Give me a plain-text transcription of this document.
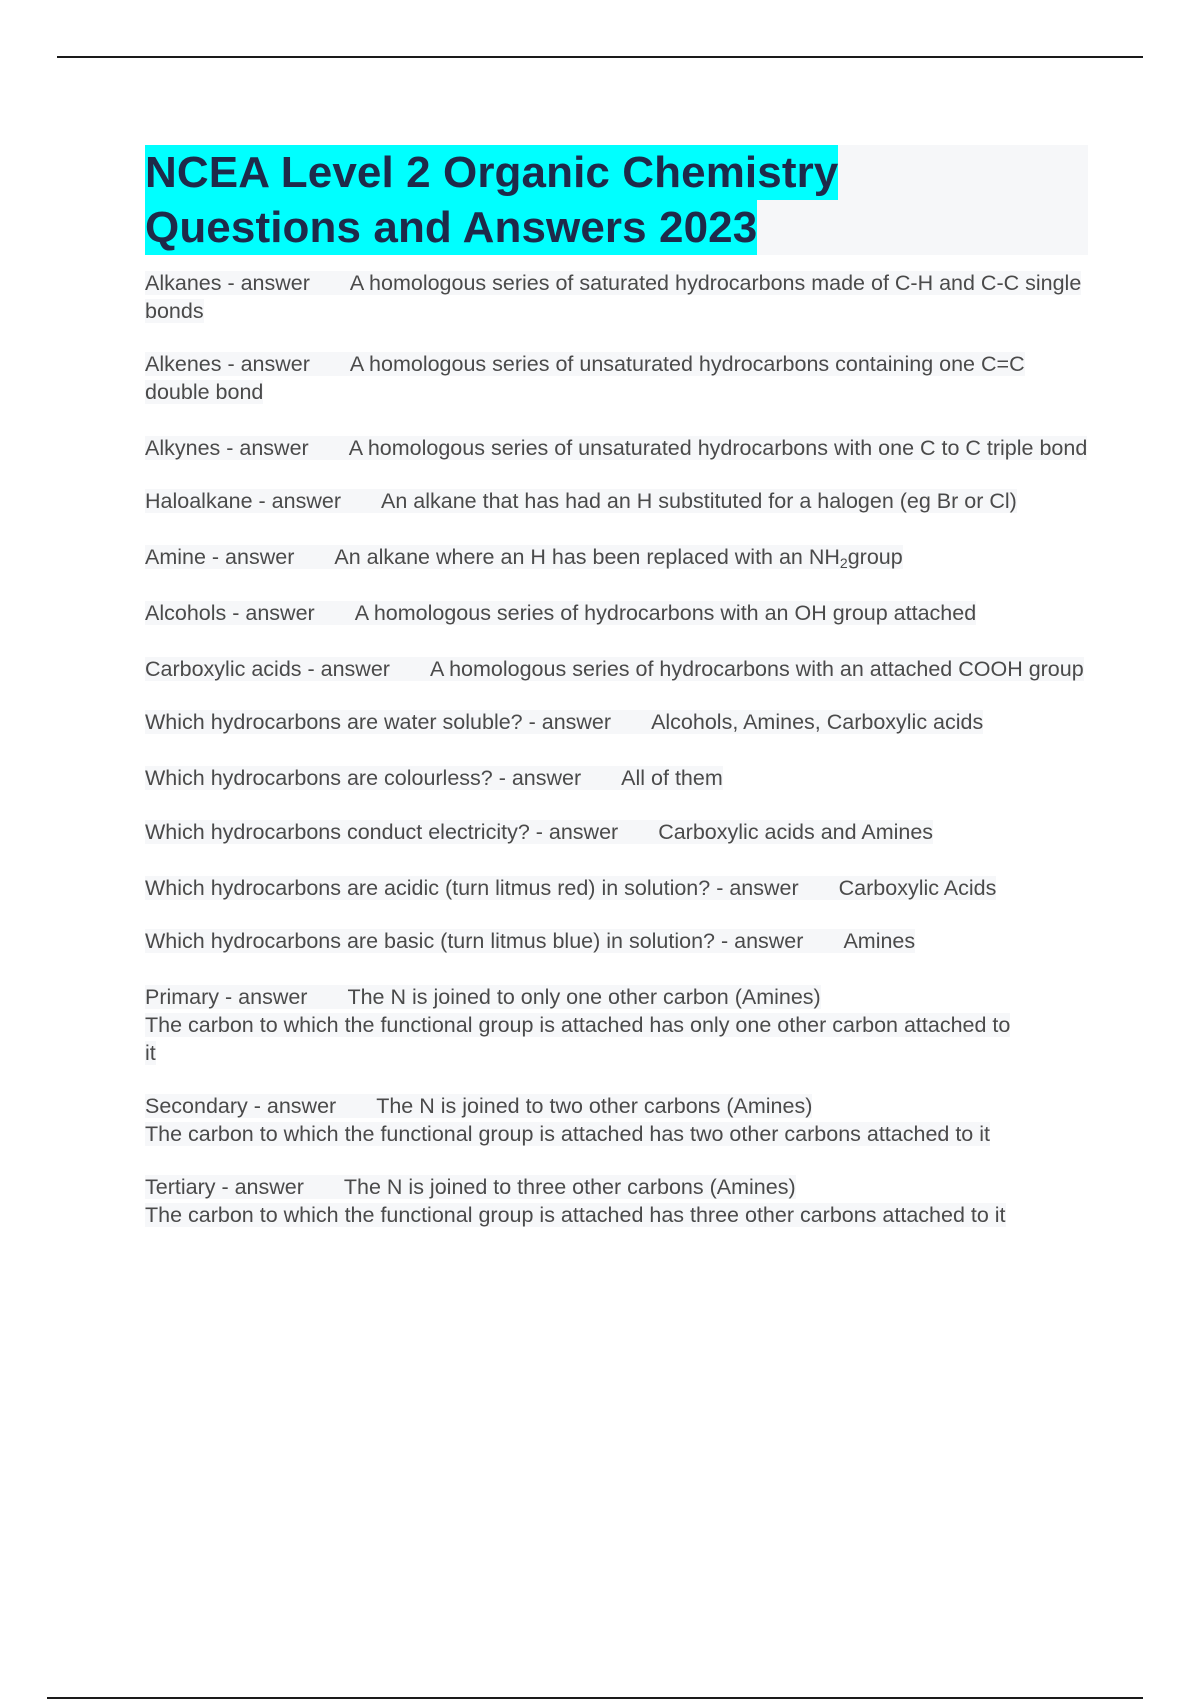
NCEA Level 2 Organic Chemistry
Questions and Answers 2023

Alkanes - answer A homologous series of saturated hydrocarbons made of C-H and C-C single bonds

Alkenes - answer A homologous series of unsaturated hydrocarbons containing one C=C double bond

Alkynes - answer A homologous series of unsaturated hydrocarbons with one C to C triple bond

Haloalkane - answer An alkane that has had an H substituted for a halogen (eg Br or Cl)

Amine - answer An alkane where an H has been replaced with an $NH_2group$

Alcohols - answer A homologous series of hydrocarbons with an OH group attached

Carboxylic acids - answer A homologous series of hydrocarbons with an attached COOH group

Which hydrocarbons are water soluble? - answer Alcohols, Amines, Carboxylic acids

Which hydrocarbons are colourless? - answer All of them

Which hydrocarbons conduct electricity? - answer Carboxylic acids and Amines

Which hydrocarbons are acidic (turn litmus red) in solution? - answer Carboxylic Acids

Which hydrocarbons are basic (turn litmus blue) in solution? - answer Amines

Primary - answer The N is joined to only one other carbon (Amines)
The carbon to which the functional group is attached has only one other carbon attached to it

Secondary - answer The N is joined to two other carbons (Amines)
The carbon to which the functional group is attached has two other carbons attached to it

Tertiary - answer The N is joined to three other carbons (Amines)
The carbon to which the functional group is attached has three other carbons attached to it
